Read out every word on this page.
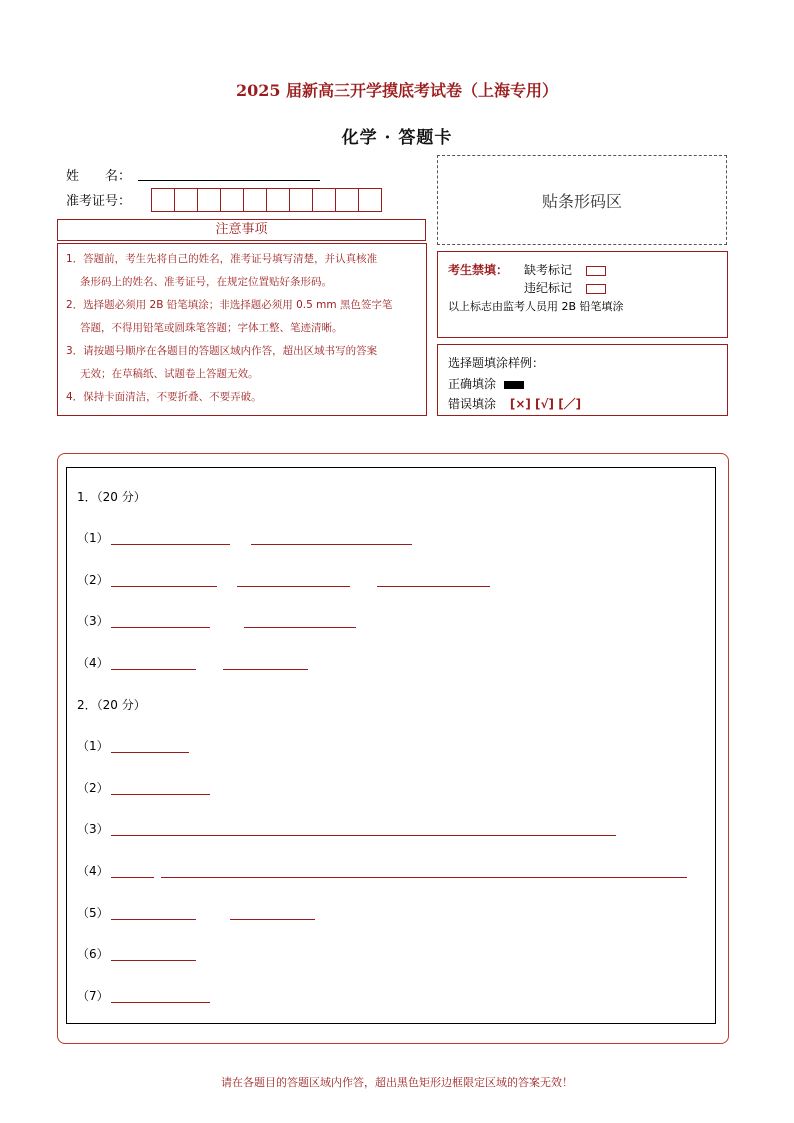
2025 届新高三开学摸底考试卷（上海专用）
化学 · 答题卡
姓　　名：
准考证号：	贴条形码区
注意事项

1．答题前，考生先将自己的姓名，准考证号填写清楚，并认真核准

条形码上的姓名、准考证号，在规定位置贴好条形码。

2．选择题必须用 2B 铅笔填涂；非选择题必须用 0.5 mm 黑色签字笔

答题，不得用铅笔或圆珠笔答题；字体工整、笔迹清晰。

3．请按题号顺序在各题目的答题区域内作答，超出区域书写的答案

无效；在草稿纸、试题卷上答题无效。

4．保持卡面清洁，不要折叠、不要弄破。

考生禁填： 缺考标记
违纪标记
以上标志由监考人员用 2B 铅笔填涂
选择题填涂样例：
正确填涂
错误填涂 [×] [√] [／]
1．（20 分）
（1）
（2）
（3）
（4）
2．（20 分）
（1）
（2）
（3）
（4）
（5）
（6）
（7）
请在各题目的答题区域内作答，超出黑色矩形边框限定区域的答案无效！
